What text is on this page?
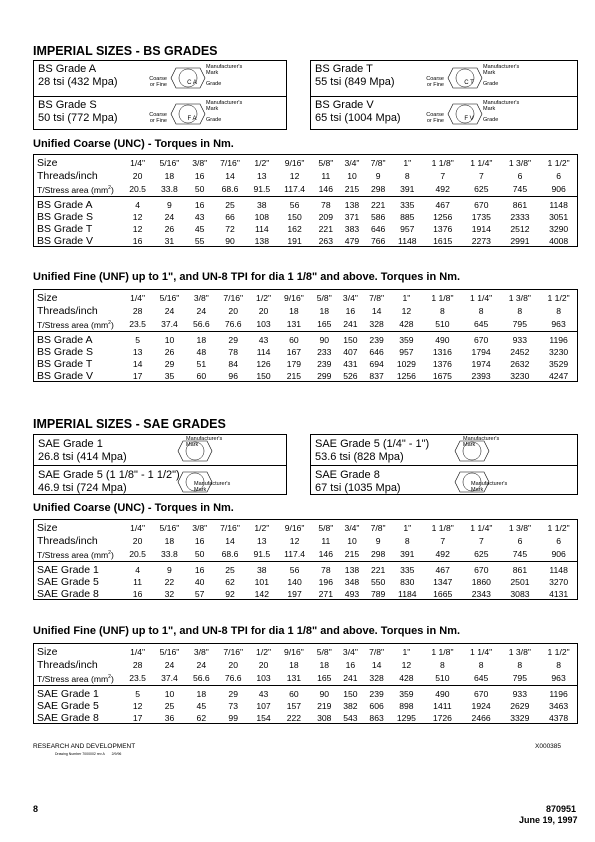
IMPERIAL SIZES - BS GRADES
BS Grade A
28 tsi (432 Mpa)	Coarse
or Fine	C A
Manufacturer's
Mark
Grade
BS Grade S
50 tsi (772 Mpa)	Coarse
or Fine	F A
Manufacturer's
Mark
Grade
BS Grade T
55 tsi (849 Mpa)	Coarse
or Fine	C T
Manufacturer's
Mark
Grade
BS Grade V
65 tsi (1004 Mpa)	Coarse
or Fine	F V
Manufacturer's
Mark
Grade
Unified Coarse (UNC) - Torques in Nm.
Size	1/4"	5/16"	3/8"	7/16"	1/2"	9/16"	5/8"	3/4"	7/8"	1"	1 1/8"	1 1/4"	1 3/8"	1 1/2"
Threads/inch	20	18	16	14	13	12	11	10	9	8	7	7	6	6
T/Stress area $(mm^2)$	20.5	33.8	50	68.6	91.5	117.4	146	215	298	391	492	625	745	906
BS Grade A	4	9	16	25	38	56	78	138	221	335	467	670	861	1148
BS Grade S	12	24	43	66	108	150	209	371	586	885	1256	1735	2333	3051
BS Grade T	12	26	45	72	114	162	221	383	646	957	1376	1914	2512	3290
BS Grade V	16	31	55	90	138	191	263	479	766	1148	1615	2273	2991	4008
Unified Fine (UNF) up to 1", and UN-8 TPI for dia 1 1/8" and above. Torques in Nm.
Size	1/4"	5/16"	3/8"	7/16"	1/2"	9/16"	5/8"	3/4"	7/8"	1"	1 1/8"	1 1/4"	1 3/8"	1 1/2"
Threads/inch	28	24	24	20	20	18	18	16	14	12	8	8	8	8
T/Stress area $(mm^2)$	23.5	37.4	56.6	76.6	103	131	165	241	328	428	510	645	795	963
BS Grade A	5	10	18	29	43	60	90	150	239	359	490	670	933	1196
BS Grade S	13	26	48	78	114	167	233	407	646	957	1316	1794	2452	3230
BS Grade T	14	29	51	84	126	179	239	431	694	1029	1376	1974	2632	3529
BS Grade V	17	35	60	96	150	215	299	526	837	1256	1675	2393	3230	4247
IMPERIAL SIZES - SAE GRADES
SAE Grade 1
26.8 tsi (414 Mpa)
Manufacturer's
Mark
SAE Grade 5 (1 1/8" - 1 1/2")
46.9 tsi (724 Mpa)	Manufacturer's
Mark
SAE Grade 5 (1/4" - 1")
53.6 tsi (828 Mpa)
Manufacturer's
Mark
SAE Grade 8
67 tsi (1035 Mpa)	Manufacturer's
Mark
Unified Coarse (UNC) - Torques in Nm.
Size	1/4"	5/16"	3/8"	7/16"	1/2"	9/16"	5/8"	3/4"	7/8"	1"	1 1/8"	1 1/4"	1 3/8"	1 1/2"
Threads/inch	20	18	16	14	13	12	11	10	9	8	7	7	6	6
T/Stress area $(mm^2)$	20.5	33.8	50	68.6	91.5	117.4	146	215	298	391	492	625	745	906
SAE Grade 1	4	9	16	25	38	56	78	138	221	335	467	670	861	1148
SAE Grade 5	11	22	40	62	101	140	196	348	550	830	1347	1860	2501	3270
SAE Grade 8	16	32	57	92	142	197	271	493	789	1184	1665	2343	3083	4131
Unified Fine (UNF) up to 1", and UN-8 TPI for dia 1 1/8" and above. Torques in Nm.
Size	1/4"	5/16"	3/8"	7/16"	1/2"	9/16"	5/8"	3/4"	7/8"	1"	1 1/8"	1 1/4"	1 3/8"	1 1/2"
Threads/inch	28	24	24	20	20	18	18	16	14	12	8	8	8	8
T/Stress area $(mm^2)$	23.5	37.4	56.6	76.6	103	131	165	241	328	428	510	645	795	963
SAE Grade 1	5	10	18	29	43	60	90	150	239	359	490	670	933	1196
SAE Grade 5	12	25	45	73	107	157	219	382	606	898	1411	1924	2629	3463
SAE Grade 8	17	36	62	99	154	222	308	543	863	1295	1726	2466	3329	4378
RESEARCH AND DEVELOPMENT
Drawing Number 7000002 rev A 2/9/96
X000385
8	870951
June 19, 1997
